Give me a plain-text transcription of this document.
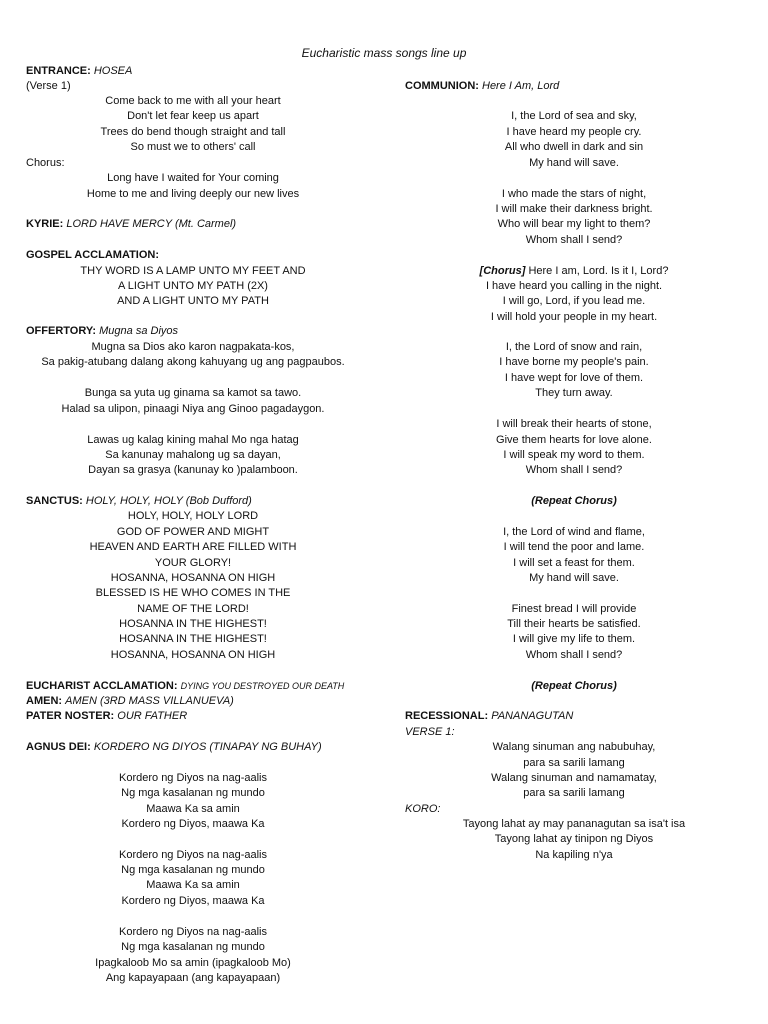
Eucharistic mass songs line up
ENTRANCE: HOSEA
(Verse 1)
Come back to me with all your heart
Don't let fear keep us apart
Trees do bend though straight and tall
So must we to others' call
Chorus:
Long have I waited for Your coming
Home to me and living deeply our new lives
KYRIE: LORD HAVE MERCY (Mt. Carmel)
GOSPEL ACCLAMATION:
THY WORD IS A LAMP UNTO MY FEET AND
A LIGHT UNTO MY PATH (2X)
AND A LIGHT UNTO MY PATH
OFFERTORY: Mugna sa Diyos
Mugna sa Dios ako karon nagpakata-kos,
Sa pakig-atubang dalang akong kahuyang ug ang pagpaubos.
Bunga sa yuta ug ginama sa kamot sa tawo.
Halad sa ulipon, pinaagi Niya ang Ginoo pagadaygon.
Lawas ug kalag kining mahal Mo nga hatag
Sa kanunay mahalong ug sa dayan,
Dayan sa grasya (kanunay ko )palamboon.
SANCTUS: HOLY, HOLY, HOLY (Bob Dufford)
HOLY, HOLY, HOLY LORD
GOD OF POWER AND MIGHT
HEAVEN AND EARTH ARE FILLED WITH
YOUR GLORY!
HOSANNA, HOSANNA ON HIGH
BLESSED IS HE WHO COMES IN THE
NAME OF THE LORD!
HOSANNA IN THE HIGHEST!
HOSANNA IN THE HIGHEST!
HOSANNA, HOSANNA ON HIGH
EUCHARIST ACCLAMATION: DYING YOU DESTROYED OUR DEATH
AMEN: AMEN (3RD MASS VILLANUEVA)
PATER NOSTER: OUR FATHER
AGNUS DEI: KORDERO NG DIYOS (TINAPAY NG BUHAY)
Kordero ng Diyos na nag-aalis
Ng mga kasalanan ng mundo
Maawa Ka sa amin
Kordero ng Diyos, maawa Ka
Kordero ng Diyos na nag-aalis
Ng mga kasalanan ng mundo
Maawa Ka sa amin
Kordero ng Diyos, maawa Ka
Kordero ng Diyos na nag-aalis
Ng mga kasalanan ng mundo
Ipagkaloob Mo sa amin (ipagkaloob Mo)
Ang kapayapaan (ang kapayapaan)
COMMUNION: Here I Am, Lord
I, the Lord of sea and sky,
I have heard my people cry.
All who dwell in dark and sin
My hand will save.
I who made the stars of night,
I will make their darkness bright.
Who will bear my light to them?
Whom shall I send?
[Chorus] Here I am, Lord. Is it I, Lord?
I have heard you calling in the night.
I will go, Lord, if you lead me.
I will hold your people in my heart.
I, the Lord of snow and rain,
I have borne my people's pain.
I have wept for love of them.
They turn away.
I will break their hearts of stone,
Give them hearts for love alone.
I will speak my word to them.
Whom shall I send?
(Repeat Chorus)
I, the Lord of wind and flame,
I will tend the poor and lame.
I will set a feast for them.
My hand will save.
Finest bread I will provide
Till their hearts be satisfied.
I will give my life to them.
Whom shall I send?
(Repeat Chorus)
RECESSIONAL: PANANAGUTAN
VERSE 1:
Walang sinuman ang nabubuhay,
para sa sarili lamang
Walang sinuman and namamatay,
para sa sarili lamang
KORO:
Tayong lahat ay may pananagutan sa isa't isa
Tayong lahat ay tinipon ng Diyos
Na kapiling n'ya
